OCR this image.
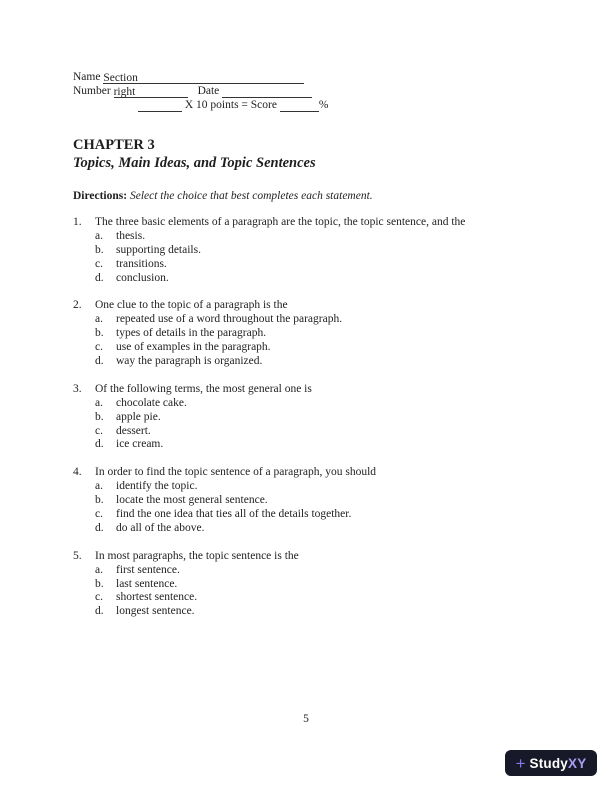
Name Section
Number right	Date
X 10 points = Score	%
CHAPTER 3
Topics, Main Ideas, and Topic Sentences
Directions: Select the choice that best completes each statement.
1.	The three basic elements of a paragraph are the topic, the topic sentence, and the
a.	thesis.
b.	supporting details.
c.	transitions.
d.	conclusion.
2.	One clue to the topic of a paragraph is the
a.	repeated use of a word throughout the paragraph.
b.	types of details in the paragraph.
c.	use of examples in the paragraph.
d.	way the paragraph is organized.
3.	Of the following terms, the most general one is
a.	chocolate cake.
b.	apple pie.
c.	dessert.
d.	ice cream.
4.	In order to find the topic sentence of a paragraph, you should
a.	identify the topic.
b.	locate the most general sentence.
c.	find the one idea that ties all of the details together.
d.	do all of the above.
5.	In most paragraphs, the topic sentence is the
a.	first sentence.
b.	last sentence.
c.	shortest sentence.
d.	longest sentence.
5
+ Study XY
